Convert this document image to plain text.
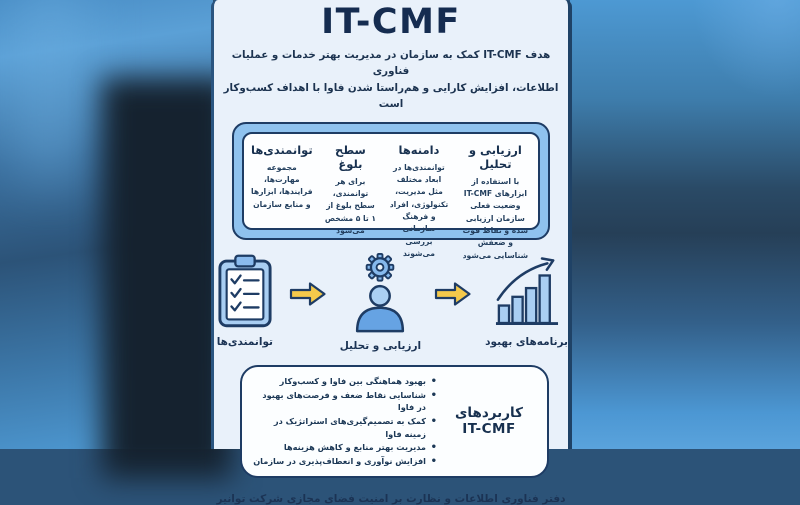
IT-CMF
هدف IT-CMF کمک به سازمان در مدیریت بهتر خدمات و عملیات فناوری
اطلاعات، افزایش کارایی و هم‌راستا شدن فاوا با اهداف کسب‌وکار است
ارزیابی و تحلیل
با استفاده از ابزارهای IT-CMF وضعیت فعلی سازمان ارزیابی شده و نقاط قوت و ضعفش شناسایی می‌شود
دامنه‌ها
توانمندی‌ها در ابعاد مختلف مثل مدیریت، تکنولوژی، افراد و فرهنگ سازمانی بررسی می‌شوند
سطح بلوغ
برای هر توانمندی، سطح بلوغ از ۱ تا ۵ مشخص می‌شود
توانمندی‌ها
مجموعه مهارت‌ها، فرایندها، ابزارها و منابع سازمان
توانمندی‌ها	ارزیابی و تحلیل	برنامه‌های بهبود
کاربردهای
IT-CMF
• بهبود هماهنگی بین فاوا و کسب‌وکار
• شناسایی نقاط ضعف و فرصت‌های بهبود در فاوا
• کمک به تصمیم‌گیری‌های استراتژیک در زمینه فاوا
• مدیریت بهتر منابع و کاهش هزینه‌ها
• افزایش نوآوری و انعطاف‌پذیری در سازمان
دفتر فناوری اطلاعات و نظارت بر امنیت فضای مجازی شرکت توانیر
